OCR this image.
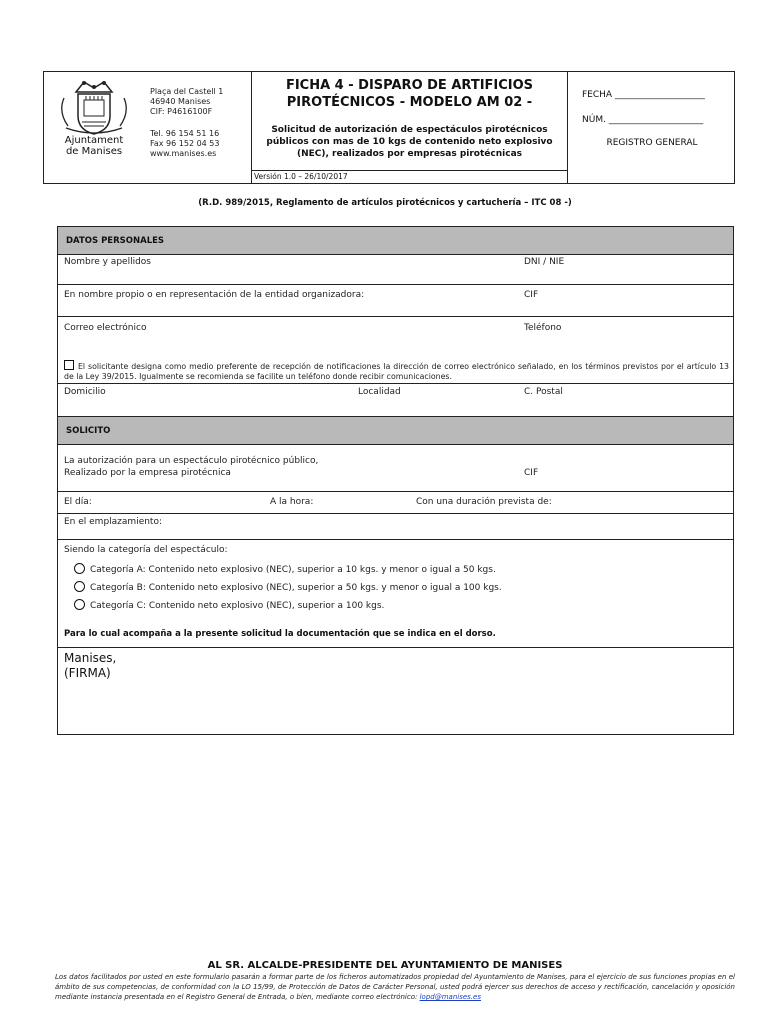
Ajuntament
de Manises
Plaça del Castell 1
46940 Manises
CIF: P4616100F
Tel. 96 154 51 16
Fax 96 152 04 53
www.manises.es
FICHA 4 - DISPARO DE ARTIFICIOS
PIROTÉCNICOS - MODELO AM 02 -
Solicitud de autorización de espectáculos pirotécnicos
públicos con mas de 10 kgs de contenido neto explosivo
(NEC), realizados por empresas pirotécnicas
Versión 1.0 – 26/10/2017
FECHA ____________________
NÚM. _____________________
REGISTRO GENERAL
(R.D. 989/2015, Reglamento de artículos pirotécnicos y cartuchería – ITC 08 -)
DATOS PERSONALES
Nombre y apellidos	DNI / NIE
En nombre propio o en representación de la entidad organizadora:	CIF
Correo electrónico	Teléfono
El solicitante designa como medio preferente de recepción de notificaciones la dirección de correo electrónico señalado, en los términos previstos por el artículo 13 de la Ley 39/2015. Igualmente se recomienda se facilite un teléfono donde recibir comunicaciones.
Domicilio	Localidad	C. Postal
SOLICITO
La autorización para un espectáculo pirotécnico público,
Realizado por la empresa pirotécnica	CIF
El día:	A la hora:	Con una duración prevista de:
En el emplazamiento:
Siendo la categoría del espectáculo:
Categoría A: Contenido neto explosivo (NEC), superior a 10 kgs. y menor o igual a 50 kgs.
Categoría B: Contenido neto explosivo (NEC), superior a 50 kgs. y menor o igual a 100 kgs.
Categoría C: Contenido neto explosivo (NEC), superior a 100 kgs.
Para lo cual acompaña a la presente solicitud la documentación que se indica en el dorso.
Manises,
(FIRMA)
AL SR. ALCALDE-PRESIDENTE DEL AYUNTAMIENTO DE MANISES
Los datos facilitados por usted en este formulario pasarán a formar parte de los ficheros automatizados propiedad del Ayuntamiento de Manises, para el ejercicio de sus funciones propias en el ámbito de sus competencias, de conformidad con la LO 15/99, de Protección de Datos de Carácter Personal, usted podrá ejercer sus derechos de acceso y rectificación, cancelación y oposición mediante instancia presentada en el Registro General de Entrada, o bien, mediante correo electrónico: lopd@manises.es
